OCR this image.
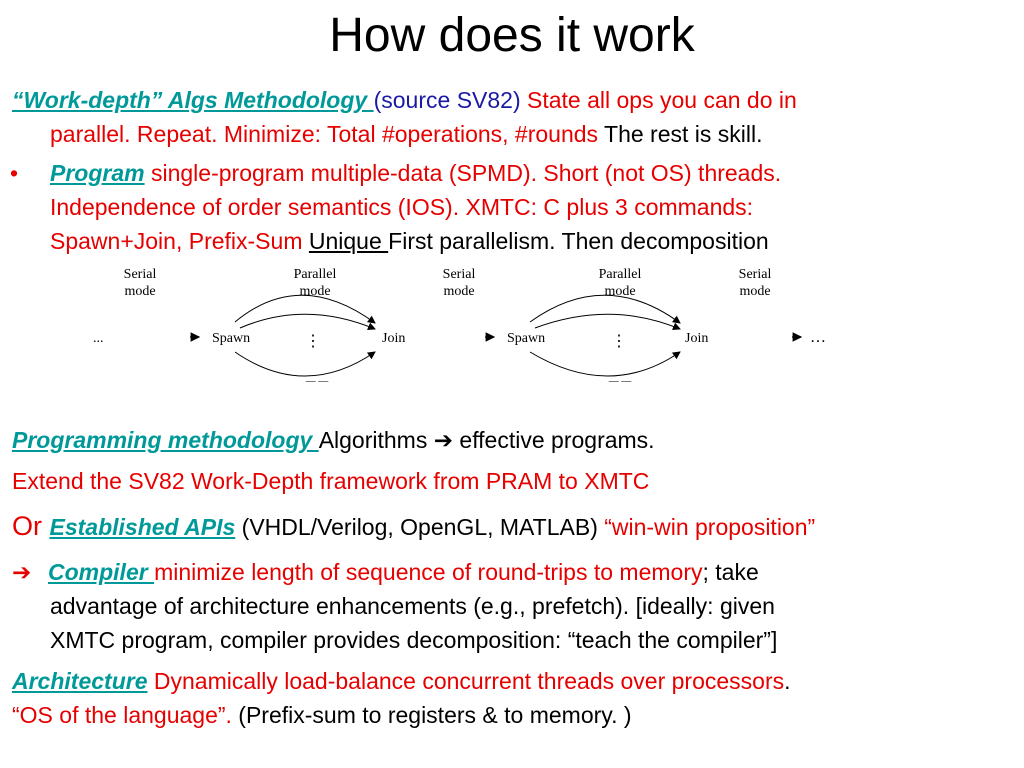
How does it work
“Work-depth” Algs Methodology (source SV82) State all ops you can do in
parallel. Repeat. Minimize: Total #operations, #rounds The rest is skill.
•	Program single-program multiple-data (SPMD). Short (not OS) threads.
Independence of order semantics (IOS). XMTC: C plus 3 commands:
Spawn+Join, Prefix-Sum Unique First parallelism. Then decomposition
Serial
mode
Parallel
mode
Serial
mode
Parallel
mode
Serial
mode
...	Spawn	Join	Spawn	Join	…
⋮	⋮
— —	— —
Programming methodology Algorithms ➔ effective programs.
Extend the SV82 Work-Depth framework from PRAM to XMTC
Or Established APIs (VHDL/Verilog, OpenGL, MATLAB) “win-win proposition”
➔ Compiler minimize length of sequence of round-trips to memory; take
advantage of architecture enhancements (e.g., prefetch). [ideally: given
XMTC program, compiler provides decomposition: “teach the compiler”]
Architecture Dynamically load-balance concurrent threads over processors.
“OS of the language”. (Prefix-sum to registers & to memory. )
